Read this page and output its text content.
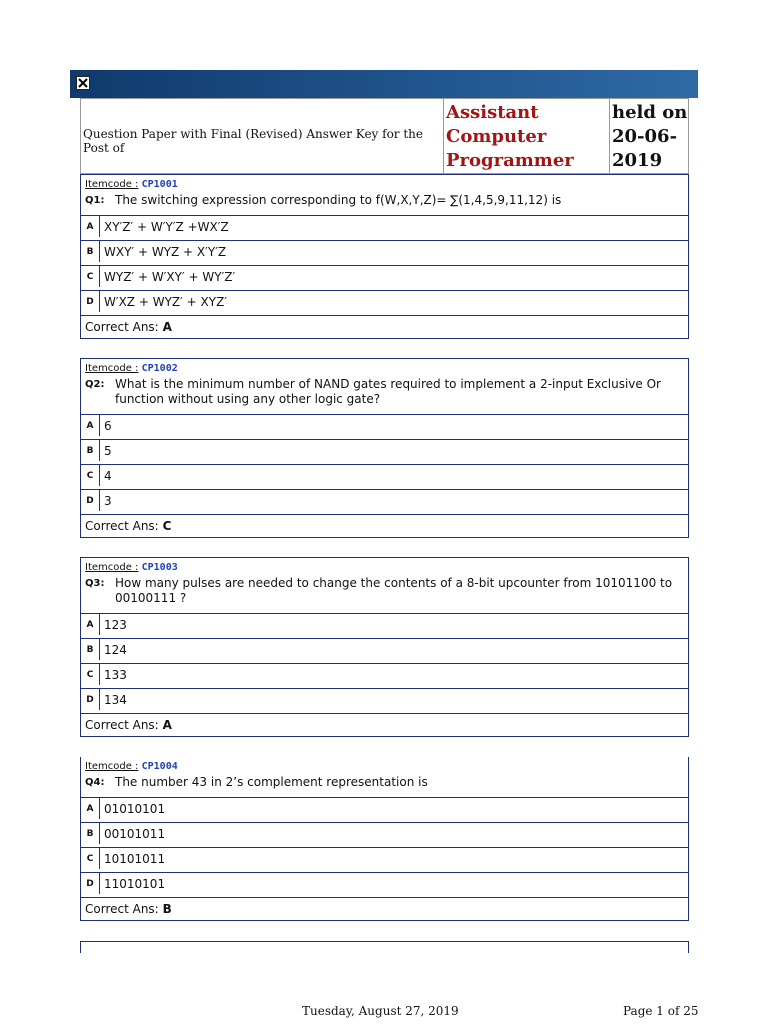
Question Paper with Final (Revised) Answer Key for the Post of
Assistant
Computer
Programmer
held on
20-06-
2019
Itemcode : CP1001
Q1: The switching expression corresponding to f(W,X,Y,Z)= ∑(1,4,5,9,11,12) is
A XY′Z′ + W′Y′Z +WX′Z
B WXY′ + WYZ + X′Y′Z
C WYZ′ + W′XY′ + WY′Z′
D W′XZ + WYZ′ + XYZ′
Correct Ans: A
Itemcode : CP1002
Q2: What is the minimum number of NAND gates required to implement a 2-input Exclusive Or function without using any other logic gate?
A 6
B 5
C 4
D 3
Correct Ans: C
Itemcode : CP1003
Q3: How many pulses are needed to change the contents of a 8-bit upcounter from 10101100 to 00100111 ?
A 123
B 124
C 133
D 134
Correct Ans: A
Itemcode : CP1004
Q4: The number 43 in 2’s complement representation is
A 01010101
B 00101011
C 10101011
D 11010101
Correct Ans: B
Tuesday, August 27, 2019	Page 1 of 25
